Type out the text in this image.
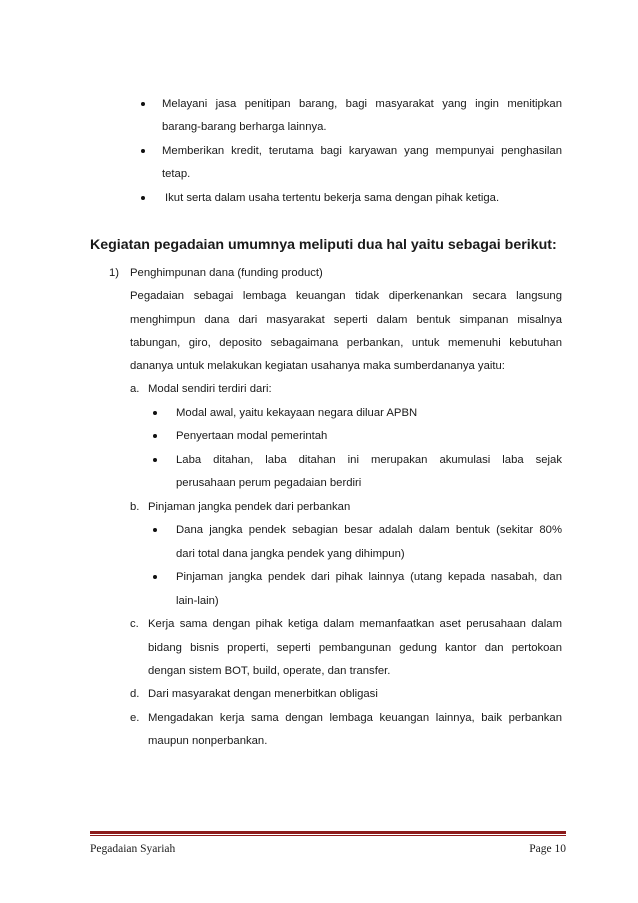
Melayani jasa penitipan barang, bagi masyarakat yang ingin menitipkan
barang-barang berharga lainnya.
Memberikan kredit, terutama bagi karyawan yang mempunyai penghasilan
tetap.
Ikut serta dalam usaha tertentu bekerja sama dengan pihak ketiga.
Kegiatan pegadaian umumnya meliputi dua hal yaitu sebagai berikut:
1) Penghimpunan dana (funding product)
Pegadaian sebagai lembaga keuangan tidak diperkenankan secara langsung
menghimpun dana dari masyarakat seperti dalam bentuk simpanan misalnya
tabungan, giro, deposito sebagaimana perbankan, untuk memenuhi kebutuhan
dananya untuk melakukan kegiatan usahanya maka sumberdananya yaitu:
a. Modal sendiri terdiri dari:
Modal awal, yaitu kekayaan negara diluar APBN
Penyertaan modal pemerintah
Laba ditahan, laba ditahan ini merupakan akumulasi laba sejak
perusahaan perum pegadaian berdiri
b. Pinjaman jangka pendek dari perbankan
Dana jangka pendek sebagian besar adalah dalam bentuk (sekitar 80%
dari total dana jangka pendek yang dihimpun)
Pinjaman jangka pendek dari pihak lainnya (utang kepada nasabah, dan
lain-lain)
c. Kerja sama dengan pihak ketiga dalam memanfaatkan aset perusahaan dalam
bidang bisnis properti, seperti pembangunan gedung kantor dan pertokoan
dengan sistem BOT, build, operate, dan transfer.
d. Dari masyarakat dengan menerbitkan obligasi
e. Mengadakan kerja sama dengan lembaga keuangan lainnya, baik perbankan
maupun nonperbankan.
Pegadaian Syariah	Page 10
